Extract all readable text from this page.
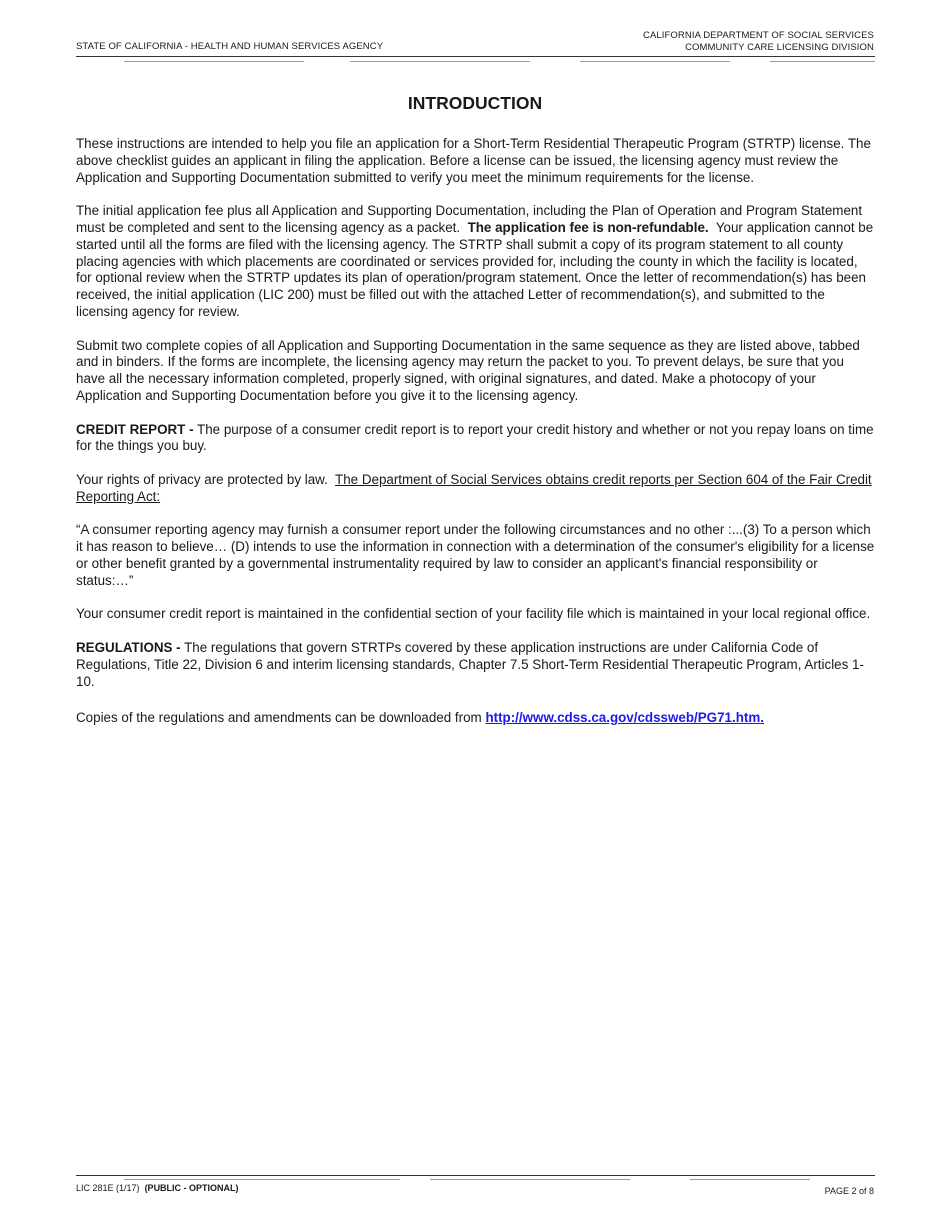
STATE OF CALIFORNIA - HEALTH AND HUMAN SERVICES AGENCY
CALIFORNIA DEPARTMENT OF SOCIAL SERVICES
COMMUNITY CARE LICENSING DIVISION
INTRODUCTION

These instructions are intended to help you file an application for a Short-Term Residential Therapeutic Program (STRTP) license. The above checklist guides an applicant in filing the application. Before a license can be issued, the licensing agency must review the Application and Supporting Documentation submitted to verify you meet the minimum requirements for the license.

The initial application fee plus all Application and Supporting Documentation, including the Plan of Operation and Program Statement must be completed and sent to the licensing agency as a packet. The application fee is non-refundable. Your application cannot be started until all the forms are filed with the licensing agency. The STRTP shall submit a copy of its program statement to all county placing agencies with which placements are coordinated or services provided for, including the county in which the facility is located, for optional review when the STRTP updates its plan of operation/program statement. Once the letter of recommendation(s) has been received, the initial application (LIC 200) must be filled out with the attached Letter of recommendation(s), and submitted to the licensing agency for review.

Submit two complete copies of all Application and Supporting Documentation in the same sequence as they are listed above, tabbed and in binders. If the forms are incomplete, the licensing agency may return the packet to you. To prevent delays, be sure that you have all the necessary information completed, properly signed, with original signatures, and dated. Make a photocopy of your Application and Supporting Documentation before you give it to the licensing agency.

CREDIT REPORT - The purpose of a consumer credit report is to report your credit history and whether or not you repay loans on time for the things you buy.

Your rights of privacy are protected by law. The Department of Social Services obtains credit reports per Section 604 of the Fair Credit Reporting Act:

“A consumer reporting agency may furnish a consumer report under the following circumstances and no other :...(3) To a person which it has reason to believe… (D) intends to use the information in connection with a determination of the consumer's eligibility for a license or other benefit granted by a governmental instrumentality required by law to consider an applicant's financial responsibility or status:…”

Your consumer credit report is maintained in the confidential section of your facility file which is maintained in your local regional office.

REGULATIONS - The regulations that govern STRTPs covered by these application instructions are under California Code of Regulations, Title 22, Division 6 and interim licensing standards, Chapter 7.5 Short-Term Residential Therapeutic Program, Articles 1-10.

Copies of the regulations and amendments can be downloaded from http://www.cdss.ca.gov/cdssweb/PG71.htm.

LIC 281E (1/17) (PUBLIC - OPTIONAL)	PAGE 2 of 8
